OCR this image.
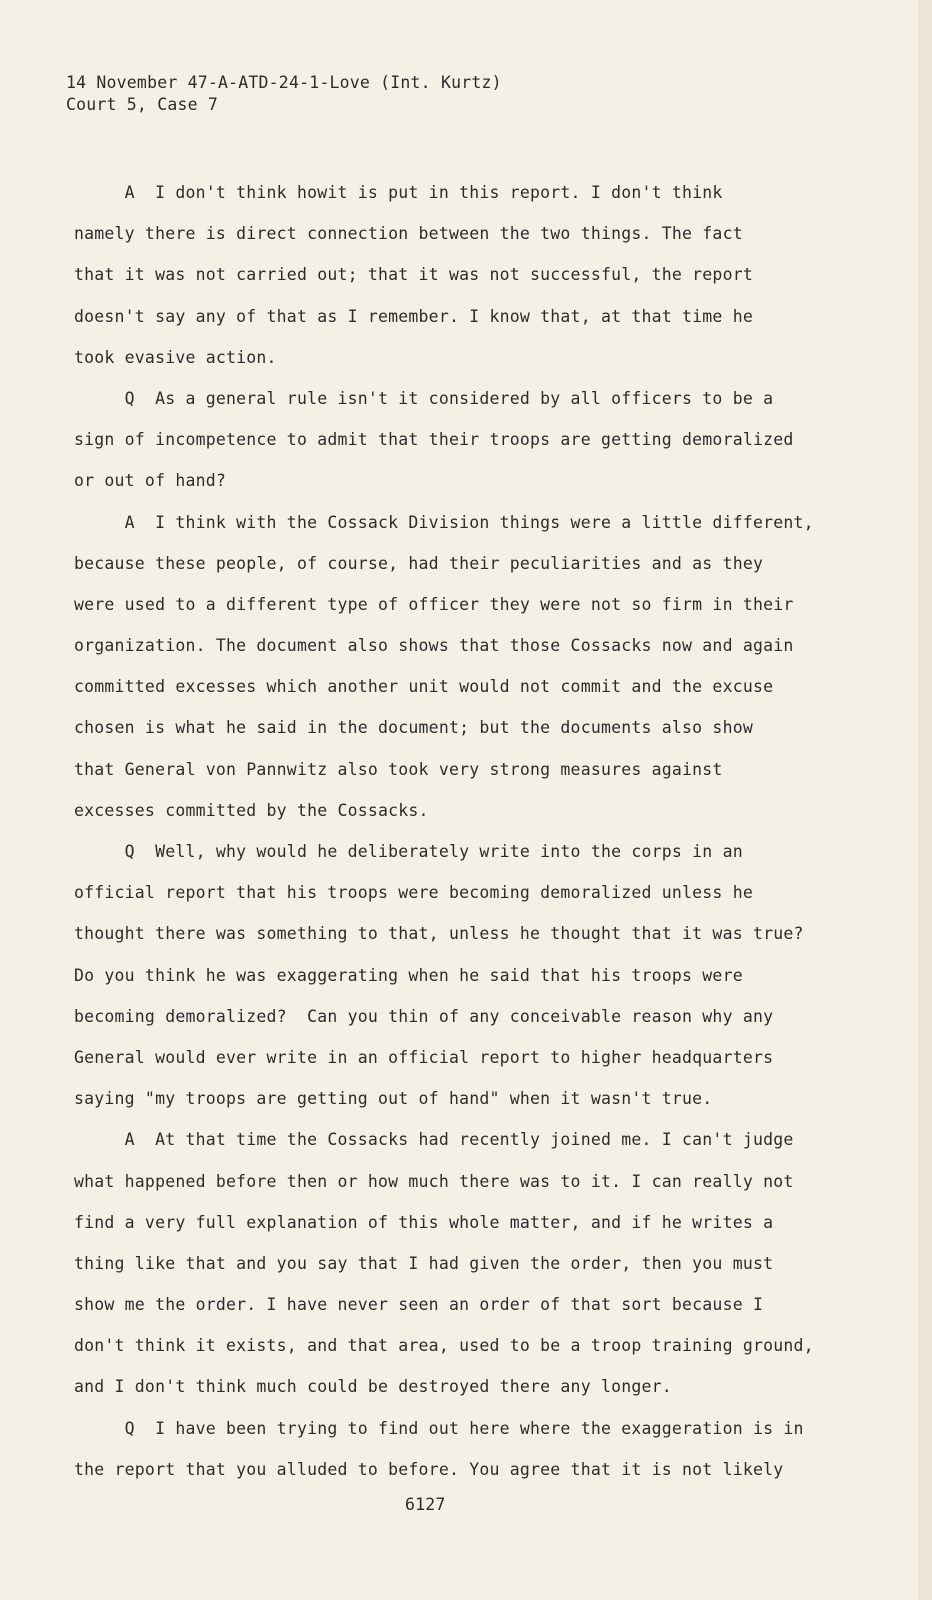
14 November 47-A-ATD-24-1-Love (Int. Kurtz)
Court 5, Case 7
A  I don't think howit is put in this report. I don't think
namely there is direct connection between the two things. The fact
that it was not carried out; that it was not successful, the report
doesn't say any of that as I remember. I know that, at that time he
took evasive action.
Q  As a general rule isn't it considered by all officers to be a
sign of incompetence to admit that their troops are getting demoralized
or out of hand?
A  I think with the Cossack Division things were a little different,
because these people, of course, had their peculiarities and as they
were used to a different type of officer they were not so firm in their
organization. The document also shows that those Cossacks now and again
committed excesses which another unit would not commit and the excuse
chosen is what he said in the document; but the documents also show
that General von Pannwitz also took very strong measures against
excesses committed by the Cossacks.
Q  Well, why would he deliberately write into the corps in an
official report that his troops were becoming demoralized unless he
thought there was something to that, unless he thought that it was true?
Do you think he was exaggerating when he said that his troops were
becoming demoralized?  Can you thin of any conceivable reason why any
General would ever write in an official report to higher headquarters
saying "my troops are getting out of hand" when it wasn't true.
A  At that time the Cossacks had recently joined me. I can't judge
what happened before then or how much there was to it. I can really not
find a very full explanation of this whole matter, and if he writes a
thing like that and you say that I had given the order, then you must
show me the order. I have never seen an order of that sort because I
don't think it exists, and that area, used to be a troop training ground,
and I don't think much could be destroyed there any longer.
Q  I have been trying to find out here where the exaggeration is in
the report that you alluded to before. You agree that it is not likely
6127
